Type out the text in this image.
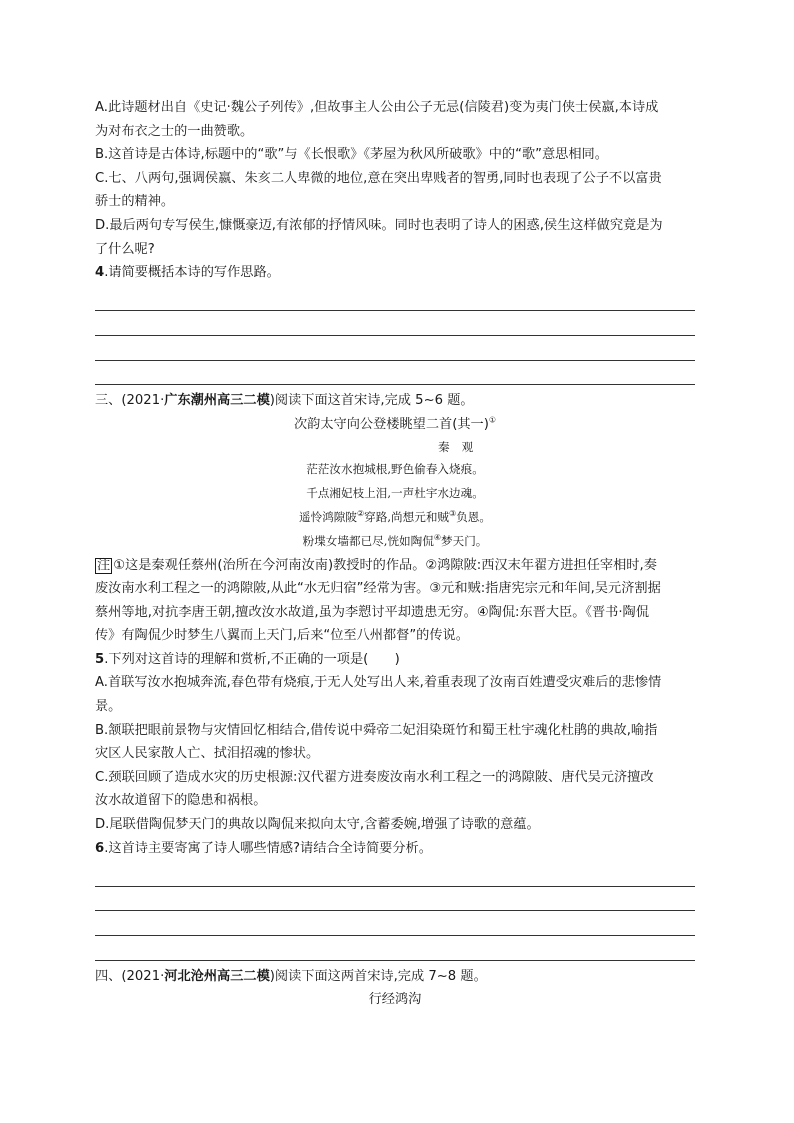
A.此诗题材出自《史记·魏公子列传》,但故事主人公由公子无忌(信陵君)变为夷门侠士侯嬴,本诗成
为对布衣之士的一曲赞歌。
B.这首诗是古体诗,标题中的“歌”与《长恨歌》《茅屋为秋风所破歌》中的“歌”意思相同。
C.七、八两句,强调侯嬴、朱亥二人卑微的地位,意在突出卑贱者的智勇,同时也表现了公子不以富贵
骄士的精神。
D.最后两句专写侯生,慷慨豪迈,有浓郁的抒情风味。同时也表明了诗人的困惑,侯生这样做究竟是为
了什么呢?
4.请简要概括本诗的写作思路。
三、(2021·广东潮州高三二模)阅读下面这首宋诗,完成 5~6 题。
次韵太守向公登楼眺望二首(其一)①
秦观
茫茫汝水抱城根,野色偷春入烧痕。
千点湘妃枝上泪,一声杜宇水边魂。
遥怜鸿隙陂②穿路,尚想元和贼③负恩。
粉堞女墙都已尽,恍如陶侃④梦天门。
注 ①这是秦观任蔡州(治所在今河南汝南)教授时的作品。②鸿隙陂:西汉末年翟方进担任宰相时,奏
废汝南水利工程之一的鸿隙陂,从此“水无归宿”经常为害。③元和贼:指唐宪宗元和年间,吴元济割据
蔡州等地,对抗李唐王朝,擅改汝水故道,虽为李愬讨平却遗患无穷。④陶侃:东晋大臣。《晋书·陶侃
传》有陶侃少时梦生八翼而上天门,后来“位至八州都督”的传说。
5.下列对这首诗的理解和赏析,不正确的一项是(　　)
A.首联写汝水抱城奔流,春色带有烧痕,于无人处写出人来,着重表现了汝南百姓遭受灾难后的悲惨情
景。
B.颔联把眼前景物与灾情回忆相结合,借传说中舜帝二妃泪染斑竹和蜀王杜宇魂化杜鹃的典故,喻指
灾区人民家散人亡、拭泪招魂的惨状。
C.颈联回顾了造成水灾的历史根源:汉代翟方进奏废汝南水利工程之一的鸿隙陂、唐代吴元济擅改
汝水故道留下的隐患和祸根。
D.尾联借陶侃梦天门的典故以陶侃来拟向太守,含蓄委婉,增强了诗歌的意蕴。
6.这首诗主要寄寓了诗人哪些情感?请结合全诗简要分析。
四、(2021·河北沧州高三二模)阅读下面这两首宋诗,完成 7~8 题。
行经鸿沟
